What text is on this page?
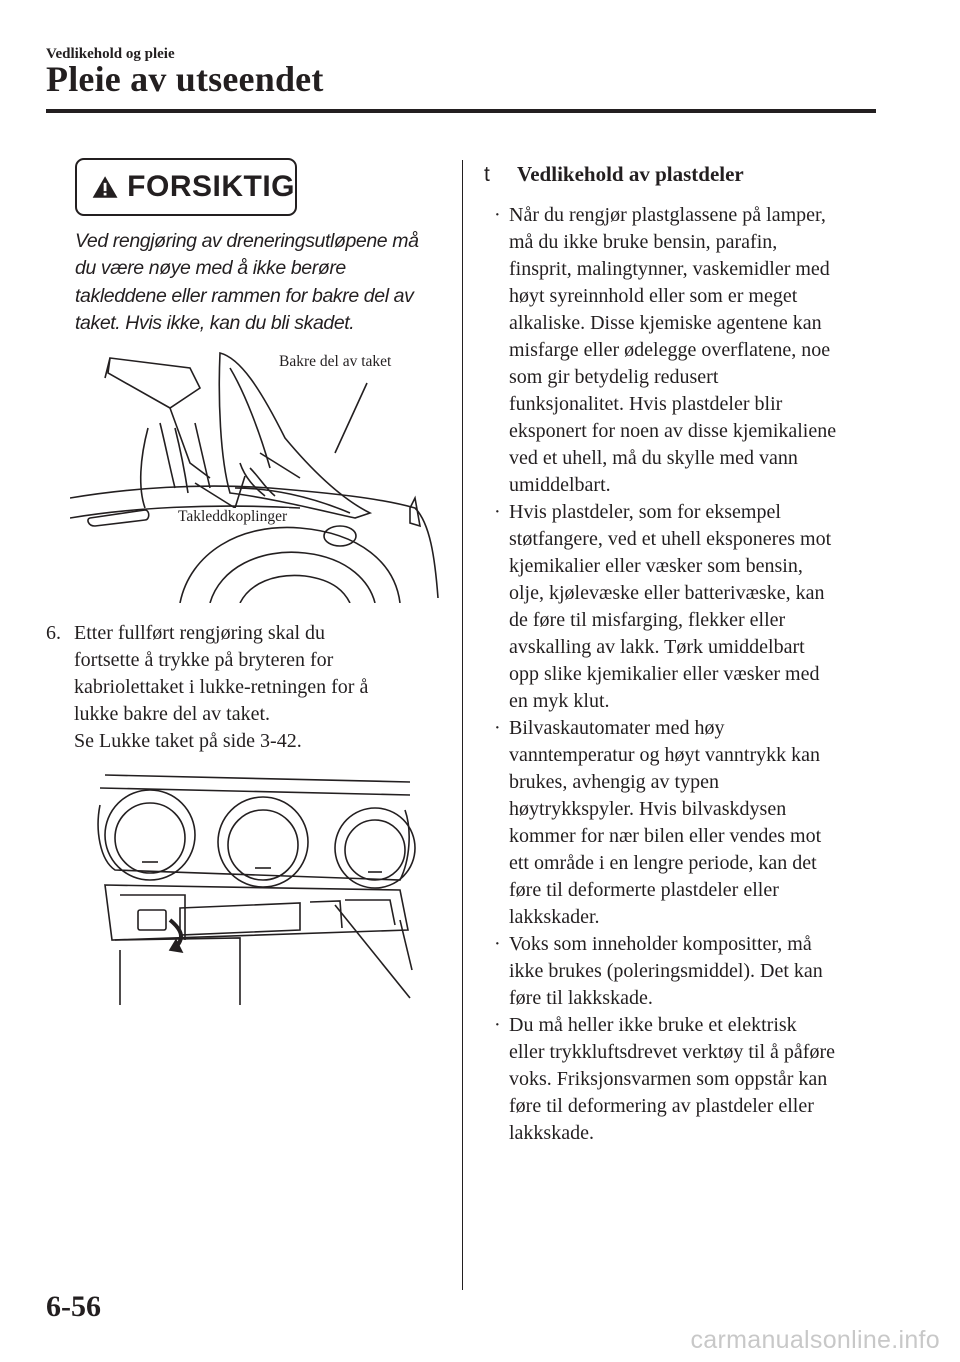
Vedlikehold og pleie
Pleie av utseendet
FORSIKTIG
Ved rengjøring av dreneringsutløpene må du være nøye med å ikke berøre takleddene eller rammen for bakre del av taket. Hvis ikke, kan du bli skadet.
Bakre del av taket
Takleddkoplinger
6. Etter fullført rengjøring skal du
fortsette å trykke på bryteren for
kabriolettaket i lukke-retningen for å
lukke bakre del av taket.
Se Lukke taket på side 3-42.
t	Vedlikehold av plastdeler
· Når du rengjør plastglassene på lamper,
må du ikke bruke bensin, parafin,
finsprit, malingtynner, vaskemidler med
høyt syreinnhold eller som er meget
alkaliske. Disse kjemiske agentene kan
misfarge eller ødelegge overflatene, noe
som gir betydelig redusert
funksjonalitet. Hvis plastdeler blir
eksponert for noen av disse kjemikaliene
ved et uhell, må du skylle med vann
umiddelbart.
· Hvis plastdeler, som for eksempel
støtfangere, ved et uhell eksponeres mot
kjemikalier eller væsker som bensin,
olje, kjølevæske eller batterivæske, kan
de føre til misfarging, flekker eller
avskalling av lakk. Tørk umiddelbart
opp slike kjemikalier eller væsker med
en myk klut.
· Bilvaskautomater med høy
vanntemperatur og høyt vanntrykk kan
brukes, avhengig av typen
høytrykkspyler. Hvis bilvaskdysen
kommer for nær bilen eller vendes mot
ett område i en lengre periode, kan det
føre til deformerte plastdeler eller
lakkskader.
· Voks som inneholder kompositter, må
ikke brukes (poleringsmiddel). Det kan
føre til lakkskade.
· Du må heller ikke bruke et elektrisk
eller trykkluftsdrevet verktøy til å påføre
voks. Friksjonsvarmen som oppstår kan
føre til deformering av plastdeler eller
lakkskade.
6-56
carmanualsonline.info
